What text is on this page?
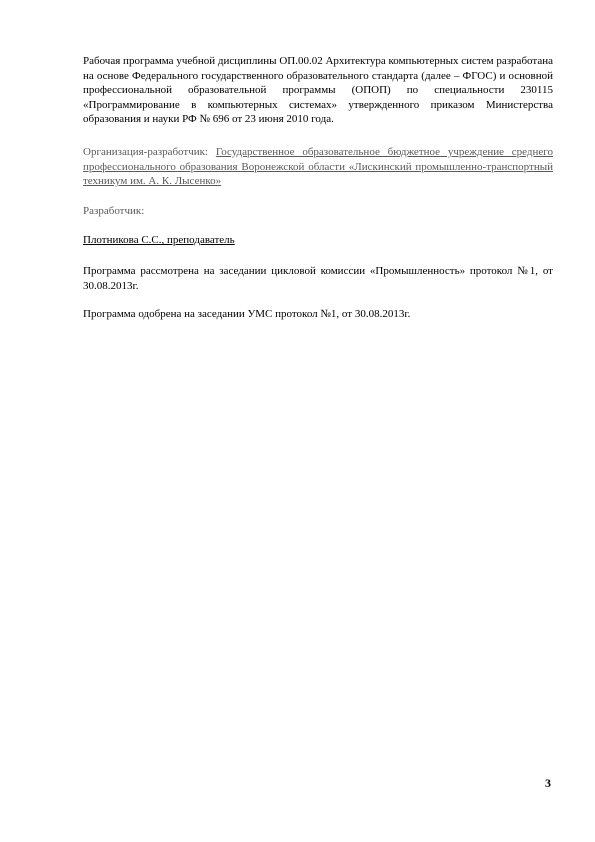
Рабочая программа учебной дисциплины ОП.00.02 Архитектура компьютерных систем разработана на основе Федерального государственного образовательного стандарта (далее – ФГОС) и основной профессиональной образовательной программы (ОПОП) по специальности 230115 «Программирование в компьютерных системах» утвержденного приказом Министерства образования и науки РФ № 696 от 23 июня 2010 года.

Организация-разработчик: Государственное образовательное бюджетное учреждение среднего профессионального образования Воронежской области «Лискинский промышленно-транспортный техникум им. А. К. Лысенко»

Разработчик:

Плотникова С.С., преподаватель

Программа рассмотрена на заседании цикловой комиссии «Промышленность» протокол №1, от 30.08.2013г.

Программа одобрена на заседании УМС протокол №1, от 30.08.2013г.

3
